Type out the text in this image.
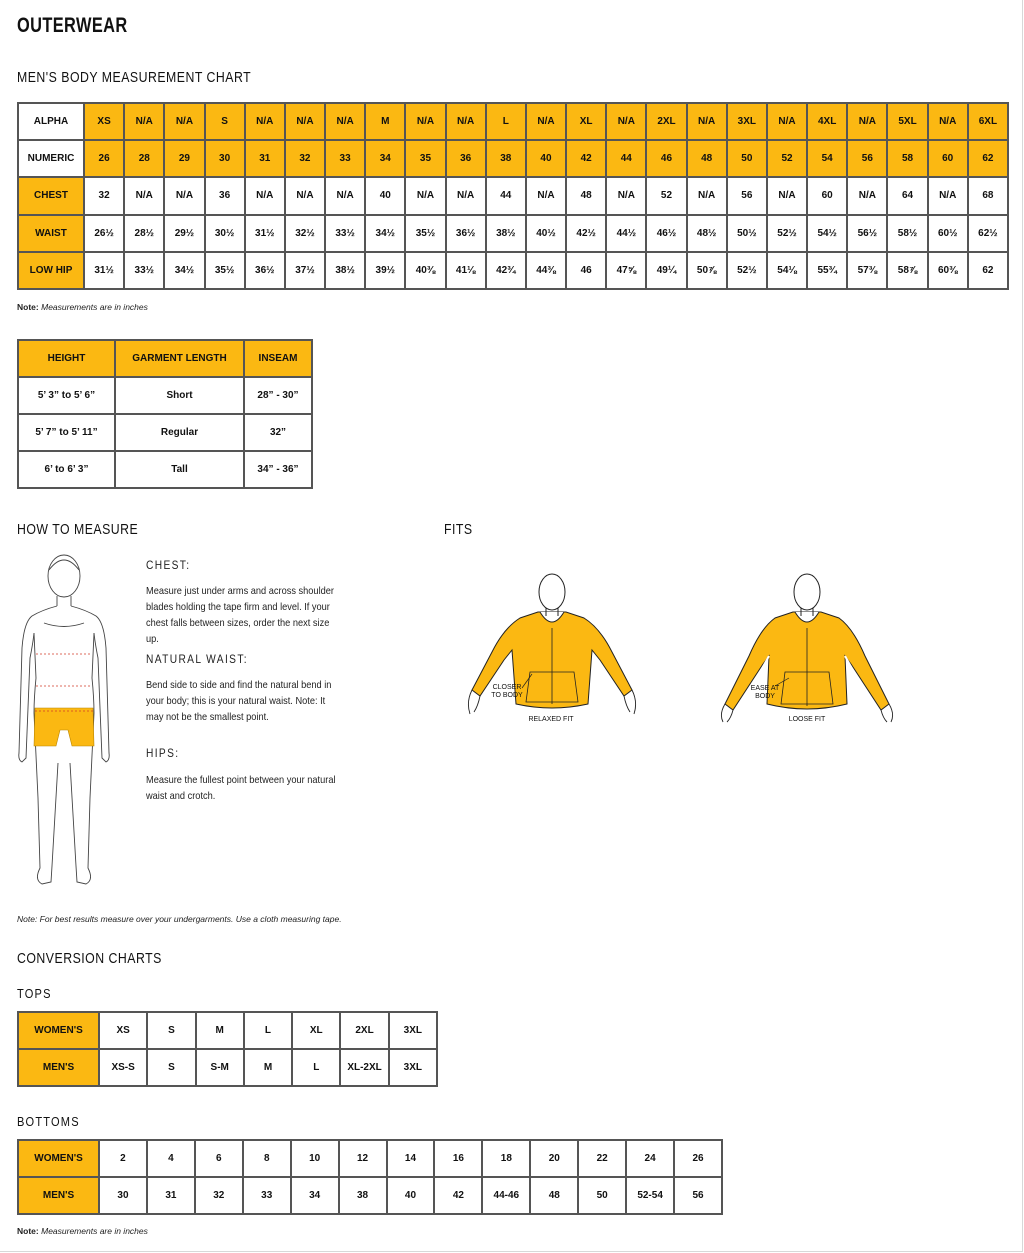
OUTERWEAR
MEN'S BODY MEASUREMENT CHART
ALPHA	XS	N/A	N/A	S	N/A	N/A	N/A	M	N/A	N/A	L	N/A	XL	N/A	2XL	N/A	3XL	N/A	4XL	N/A	5XL	N/A	6XL
NUMERIC	26	28	29	30	31	32	33	34	35	36	38	40	42	44	46	48	50	52	54	56	58	60	62
CHEST	32	N/A	N/A	36	N/A	N/A	N/A	40	N/A	N/A	44	N/A	48	N/A	52	N/A	56	N/A	60	N/A	64	N/A	68
WAIST	26½	28½	29½	30½	31½	32½	33½	34½	35½	36½	38½	40½	42½	44½	46½	48½	50½	52½	54½	56½	58½	60½	62½
LOW HIP	31½	33½	34½	35½	36½	37½	38½	39½	40⅜	41⅛	42¾	44⅜	46	47⅝	49¼	50⅞	52½	54⅛	55¾	57⅜	58⅞	60⅜	62
Note: Measurements are in inches
HEIGHT	GARMENT LENGTH	INSEAM
5’ 3” to 5’ 6”	Short	28” - 30”
5’ 7” to 5’ 11”	Regular	32”
6’ to 6’ 3”	Tall	34” - 36”
HOW TO MEASURE
CHEST:
Measure just under arms and across shoulder blades holding the tape firm and level. If your chest falls between sizes, order the next size up.
NATURAL WAIST:
Bend side to side and find the natural bend in your body; this is your natural waist. Note: It may not be the smallest point.
HIPS:
Measure the fullest point between your natural waist and crotch.
Note: For best results measure over your undergarments. Use a cloth measuring tape.
FITS
CLOSER
TO BODY
RELAXED FIT
EASE AT
BODY
LOOSE FIT
CONVERSION CHARTS
TOPS
WOMEN'S	XS	S	M	L	XL	2XL	3XL
MEN'S	XS-S	S	S-M	M	L	XL-2XL	3XL
BOTTOMS
WOMEN'S	2	4	6	8	10	12	14	16	18	20	22	24	26
MEN'S	30	31	32	33	34	38	40	42	44-46	48	50	52-54	56
Note: Measurements are in inches
